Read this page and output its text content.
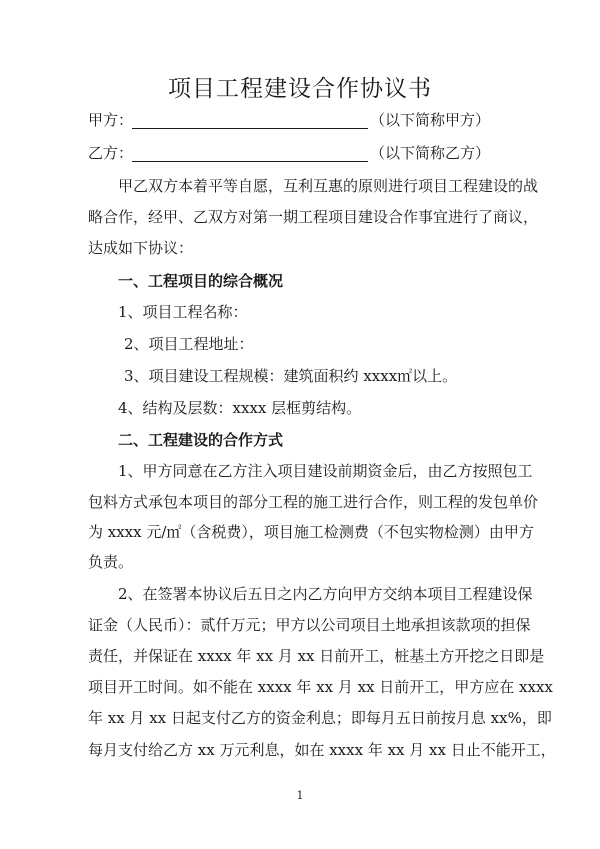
项目工程建设合作协议书
甲方：	（以下简称甲方）
乙方：	（以下简称乙方）
甲乙双方本着平等自愿，互利互惠的原则进行项目工程建设的战
略合作，经甲、乙双方对第一期工程项目建设合作事宜进行了商议，
达成如下协议：
一、工程项目的综合概况
1、项目工程名称：
2、项目工程地址：
3、项目建设工程规模：建筑面积约 xxxx㎡以上。
4、结构及层数：xxxx 层框剪结构。
二、工程建设的合作方式
1、甲方同意在乙方注入项目建设前期资金后，由乙方按照包工
包料方式承包本项目的部分工程的施工进行合作，则工程的发包单价
为 xxxx 元/㎡（含税费），项目施工检测费（不包实物检测）由甲方
负责。
2、在签署本协议后五日之内乙方向甲方交纳本项目工程建设保
证金（人民币）：贰仟万元；甲方以公司项目土地承担该款项的担保
责任，并保证在 xxxx 年 xx 月 xx 日前开工，桩基土方开挖之日即是
项目开工时间。如不能在 xxxx 年 xx 月 xx 日前开工，甲方应在 xxxx
年 xx 月 xx 日起支付乙方的资金利息；即每月五日前按月息 xx%，即
每月支付给乙方 xx 万元利息，如在 xxxx 年 xx 月 xx 日止不能开工，
1
